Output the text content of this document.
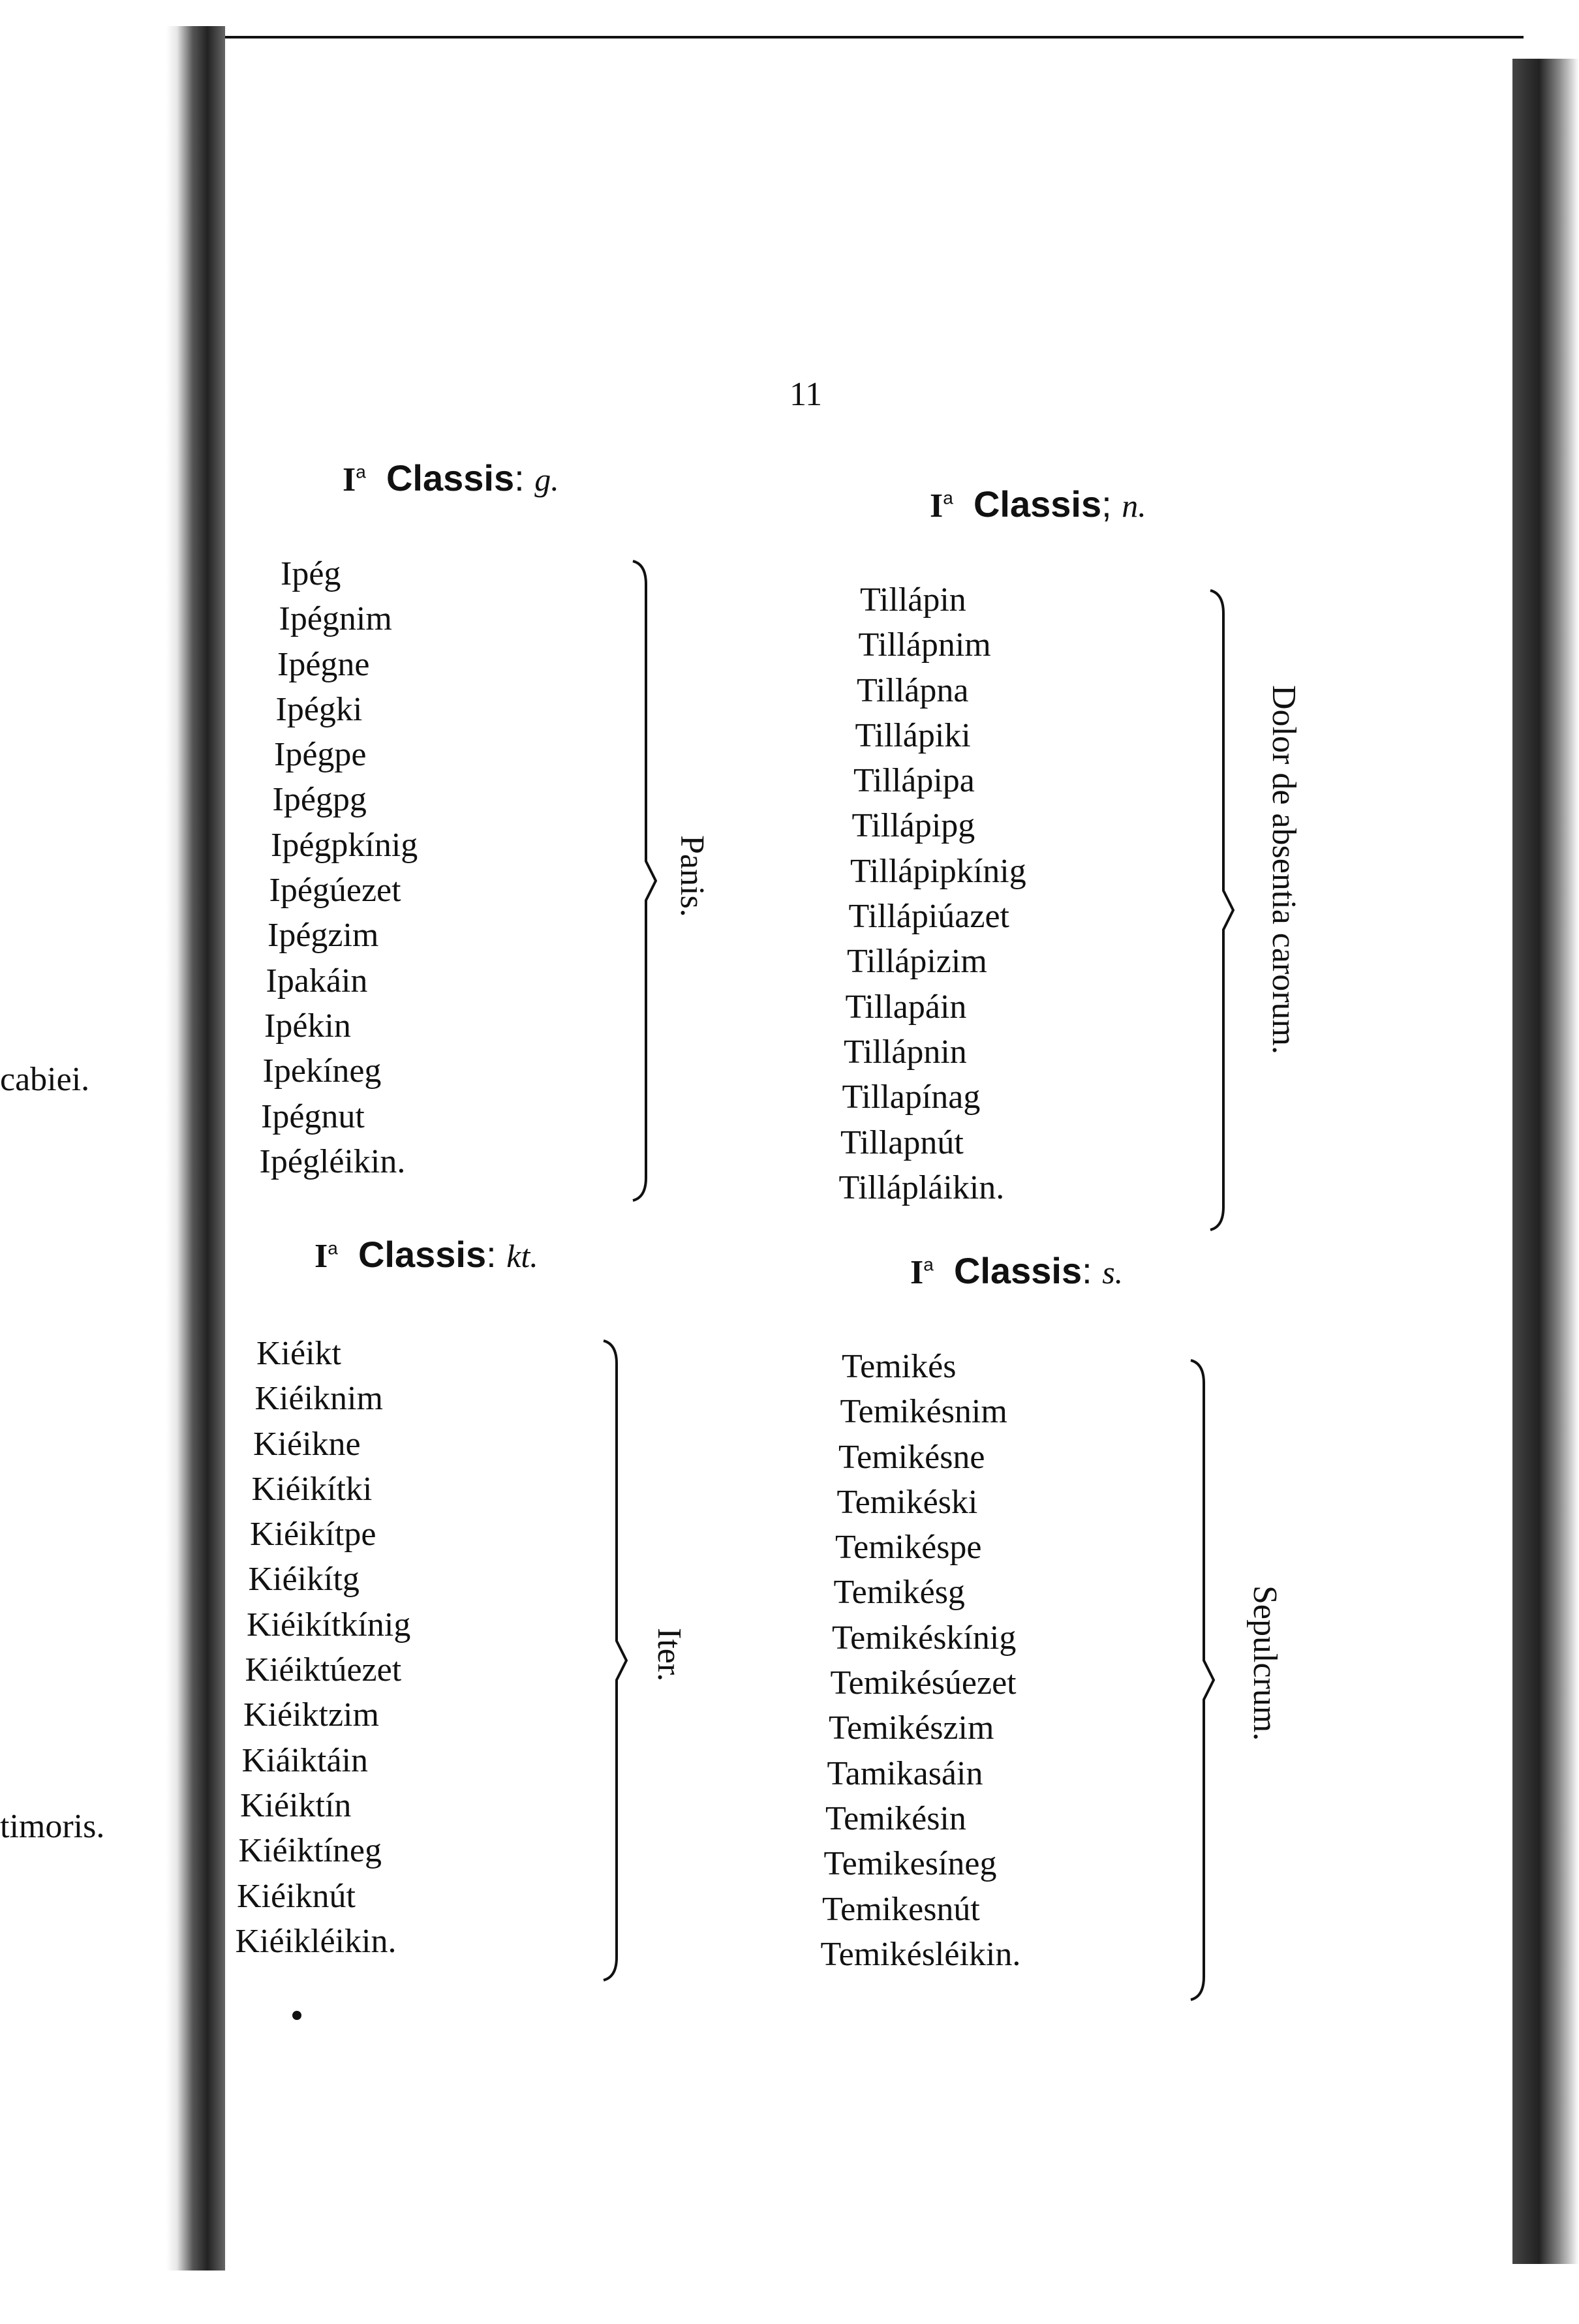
cabiei.
timoris.
11
$I^a$ Classis: g.
Ipég
Ipégnim
Ipégne
Ipégki
Ipégpe
Ipégpg
Ipégpkínig
Ipégúezet
Ipégzim
Ipakáin
Ipékin
Ipekíneg
Ipégnut
Ipégléikin.
Panis.
$I^a$ Classis; n.
Tillápin
Tillápnim
Tillápna
Tillápiki
Tillápipa
Tillápipg
Tillápipkínig
Tillápiúazet
Tillápizim
Tillapáin
Tillápnin
Tillapínag
Tillapnút
Tillápláikin.
Dolor de absentia carorum.
$I^a$ Classis: kt.
Kiéikt
Kiéiknim
Kiéikne
Kiéikítki
Kiéikítpe
Kiéikítg
Kiéikítkínig
Kiéiktúezet
Kiéiktzim
Kiáiktáin
Kiéiktín
Kiéiktíneg
Kiéiknút
Kiéikléikin.
Iter.
$I^a$ Classis: s.
Temikés
Temikésnim
Temikésne
Temikéski
Temikéspe
Temikésg
Temikéskínig
Temikésúezet
Temikészim
Tamikasáin
Temikésin
Temikesíneg
Temikesnút
Temikésléikin.
Sepulcrum.
